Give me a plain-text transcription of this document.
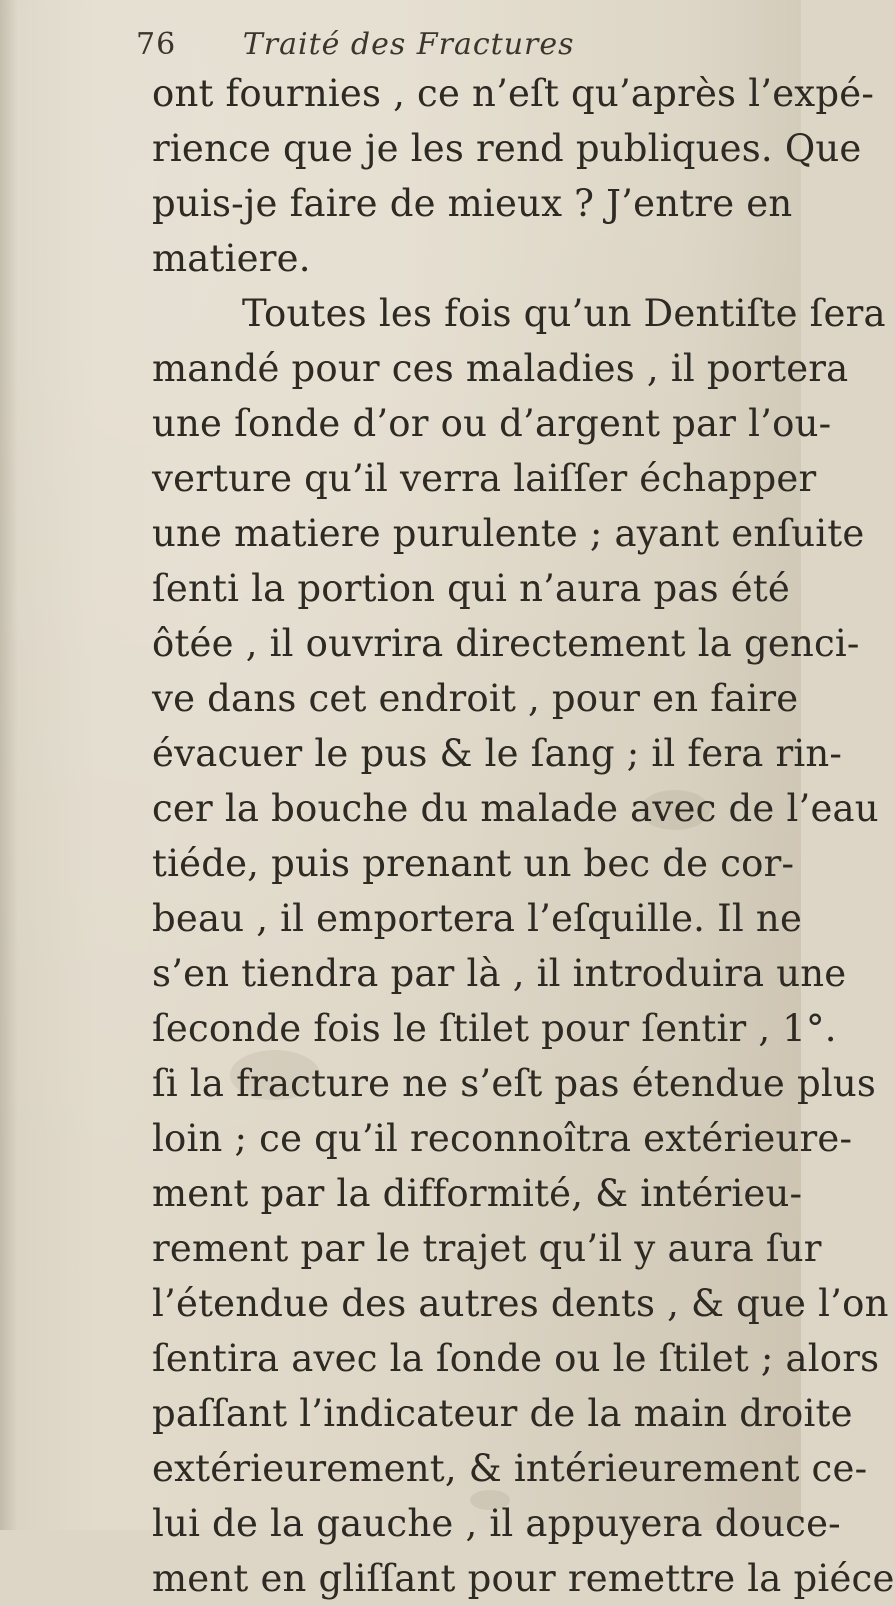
76 Traité des Fractures
ont fournies , ce n’eſt qu’après l’expé-
rience que je les rend publiques. Que
puis-je faire de mieux ? J’entre en
matiere.
Toutes les fois qu’un Dentiſte ſera
mandé pour ces maladies , il portera
une ſonde d’or ou d’argent par l’ou-
verture qu’il verra laiſſer échapper
une matiere purulente ; ayant enſuite
ſenti la portion qui n’aura pas été
ôtée , il ouvrira directement la genci-
ve dans cet endroit , pour en faire
évacuer le pus & le ſang ; il fera rin-
cer la bouche du malade avec de l’eau
tiéde, puis prenant un bec de cor-
beau , il emportera l’eſquille. Il ne
s’en tiendra par là , il introduira une
ſeconde fois le ſtilet pour ſentir , 1°.
ſi la fracture ne s’eſt pas étendue plus
loin ; ce qu’il reconnoîtra extérieure-
ment par la difformité, & intérieu-
rement par le trajet qu’il y aura ſur
l’étendue des autres dents , & que l’on
ſentira avec la ſonde ou le ſtilet ; alors
paſſant l’indicateur de la main droite
extérieurement, & intérieurement ce-
lui de la gauche , il appuyera douce-
ment en gliſſant pour remettre la piéce
